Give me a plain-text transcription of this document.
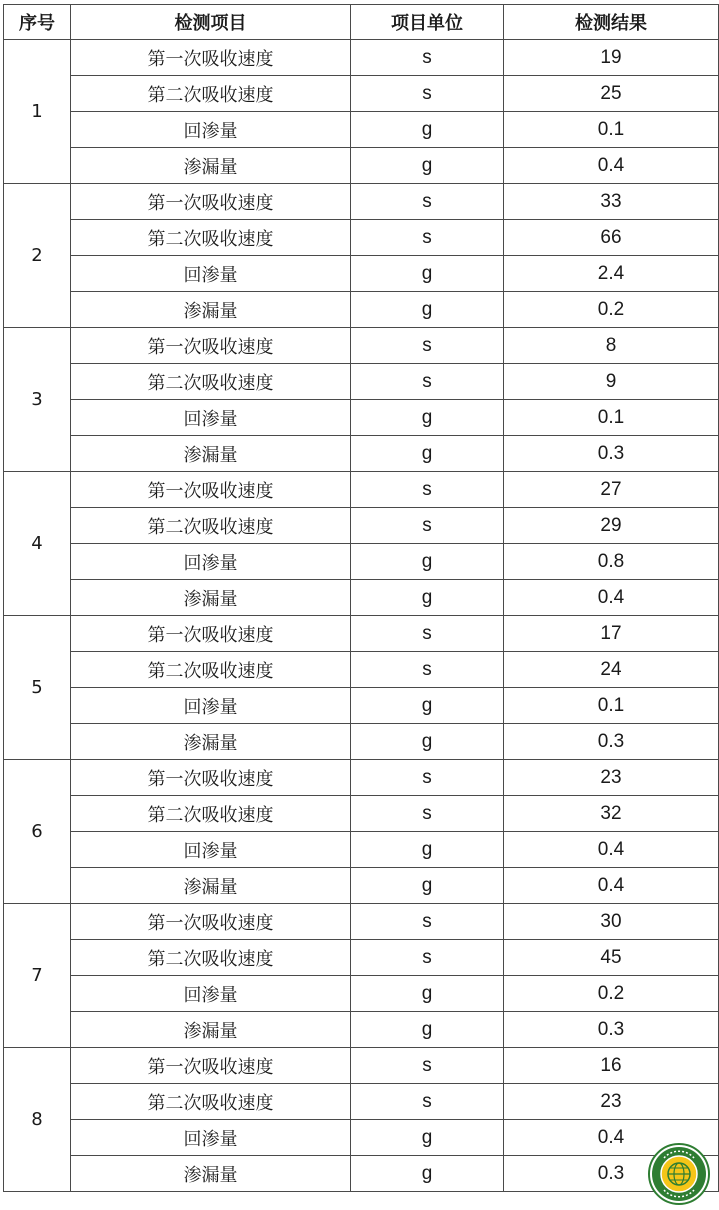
序号	检测项目	项目单位	检测结果
1	第一次吸收速度	s	19
	第二次吸收速度	s	25
	回渗量	g	0.1
	渗漏量	g	0.4
2	第一次吸收速度	s	33
	第二次吸收速度	s	66
	回渗量	g	2.4
	渗漏量	g	0.2
3	第一次吸收速度	s	8
	第二次吸收速度	s	9
	回渗量	g	0.1
	渗漏量	g	0.3
4	第一次吸收速度	s	27
	第二次吸收速度	s	29
	回渗量	g	0.8
	渗漏量	g	0.4
5	第一次吸收速度	s	17
	第二次吸收速度	s	24
	回渗量	g	0.1
	渗漏量	g	0.3
6	第一次吸收速度	s	23
	第二次吸收速度	s	32
	回渗量	g	0.4
	渗漏量	g	0.4
7	第一次吸收速度	s	30
	第二次吸收速度	s	45
	回渗量	g	0.2
	渗漏量	g	0.3
8	第一次吸收速度	s	16
	第二次吸收速度	s	23
	回渗量	g	0.4
	渗漏量	g	0.3
